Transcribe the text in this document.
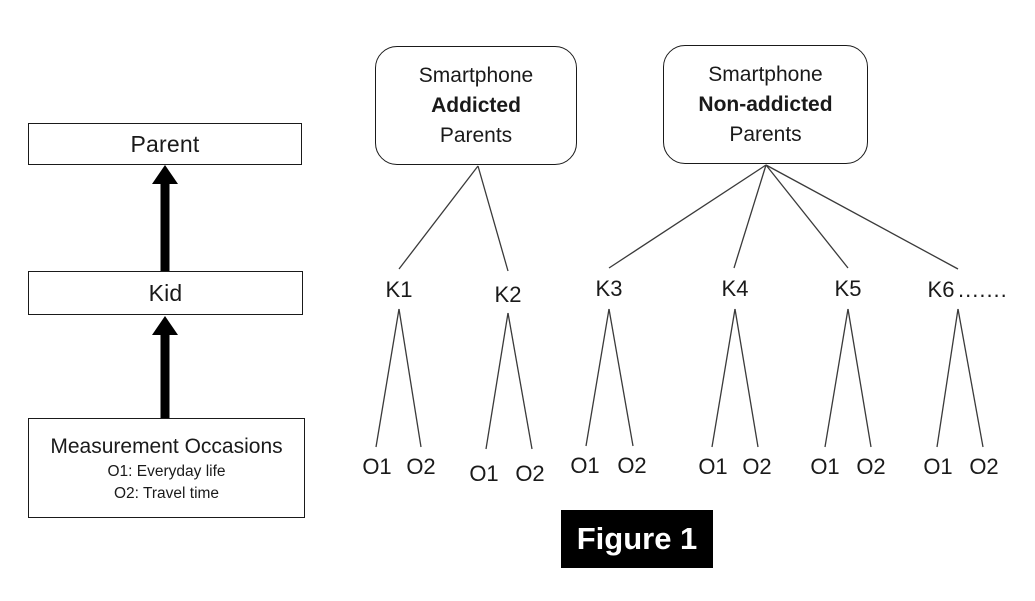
Parent
Kid
Measurement Occasions
O1: Everyday life
O2: Travel time
Smartphone
Addicted
Parents
Smartphone
Non-addicted
Parents
K1	K2	K3	K4	K5	K6 .......
O1 O2	O1 O2	O1 O2	O1 O2	O1 O2	O1 O2
Figure 1
